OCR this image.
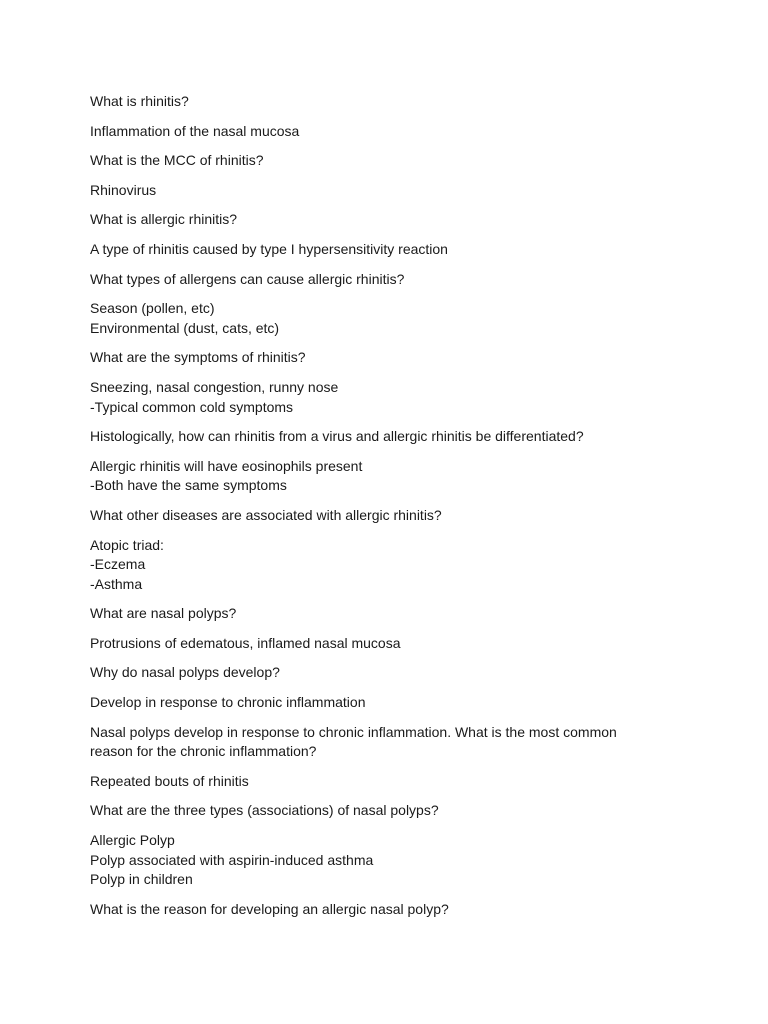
What is rhinitis?
Inflammation of the nasal mucosa
What is the MCC of rhinitis?
Rhinovirus
What is allergic rhinitis?
A type of rhinitis caused by type I hypersensitivity reaction
What types of allergens can cause allergic rhinitis?
Season (pollen, etc)
Environmental (dust, cats, etc)
What are the symptoms of rhinitis?
Sneezing, nasal congestion, runny nose
-Typical common cold symptoms
Histologically, how can rhinitis from a virus and allergic rhinitis be differentiated?
Allergic rhinitis will have eosinophils present
-Both have the same symptoms
What other diseases are associated with allergic rhinitis?
Atopic triad:
-Eczema
-Asthma
What are nasal polyps?
Protrusions of edematous, inflamed nasal mucosa
Why do nasal polyps develop?
Develop in response to chronic inflammation
Nasal polyps develop in response to chronic inflammation. What is the most common
reason for the chronic inflammation?
Repeated bouts of rhinitis
What are the three types (associations) of nasal polyps?
Allergic Polyp
Polyp associated with aspirin-induced asthma
Polyp in children
What is the reason for developing an allergic nasal polyp?
